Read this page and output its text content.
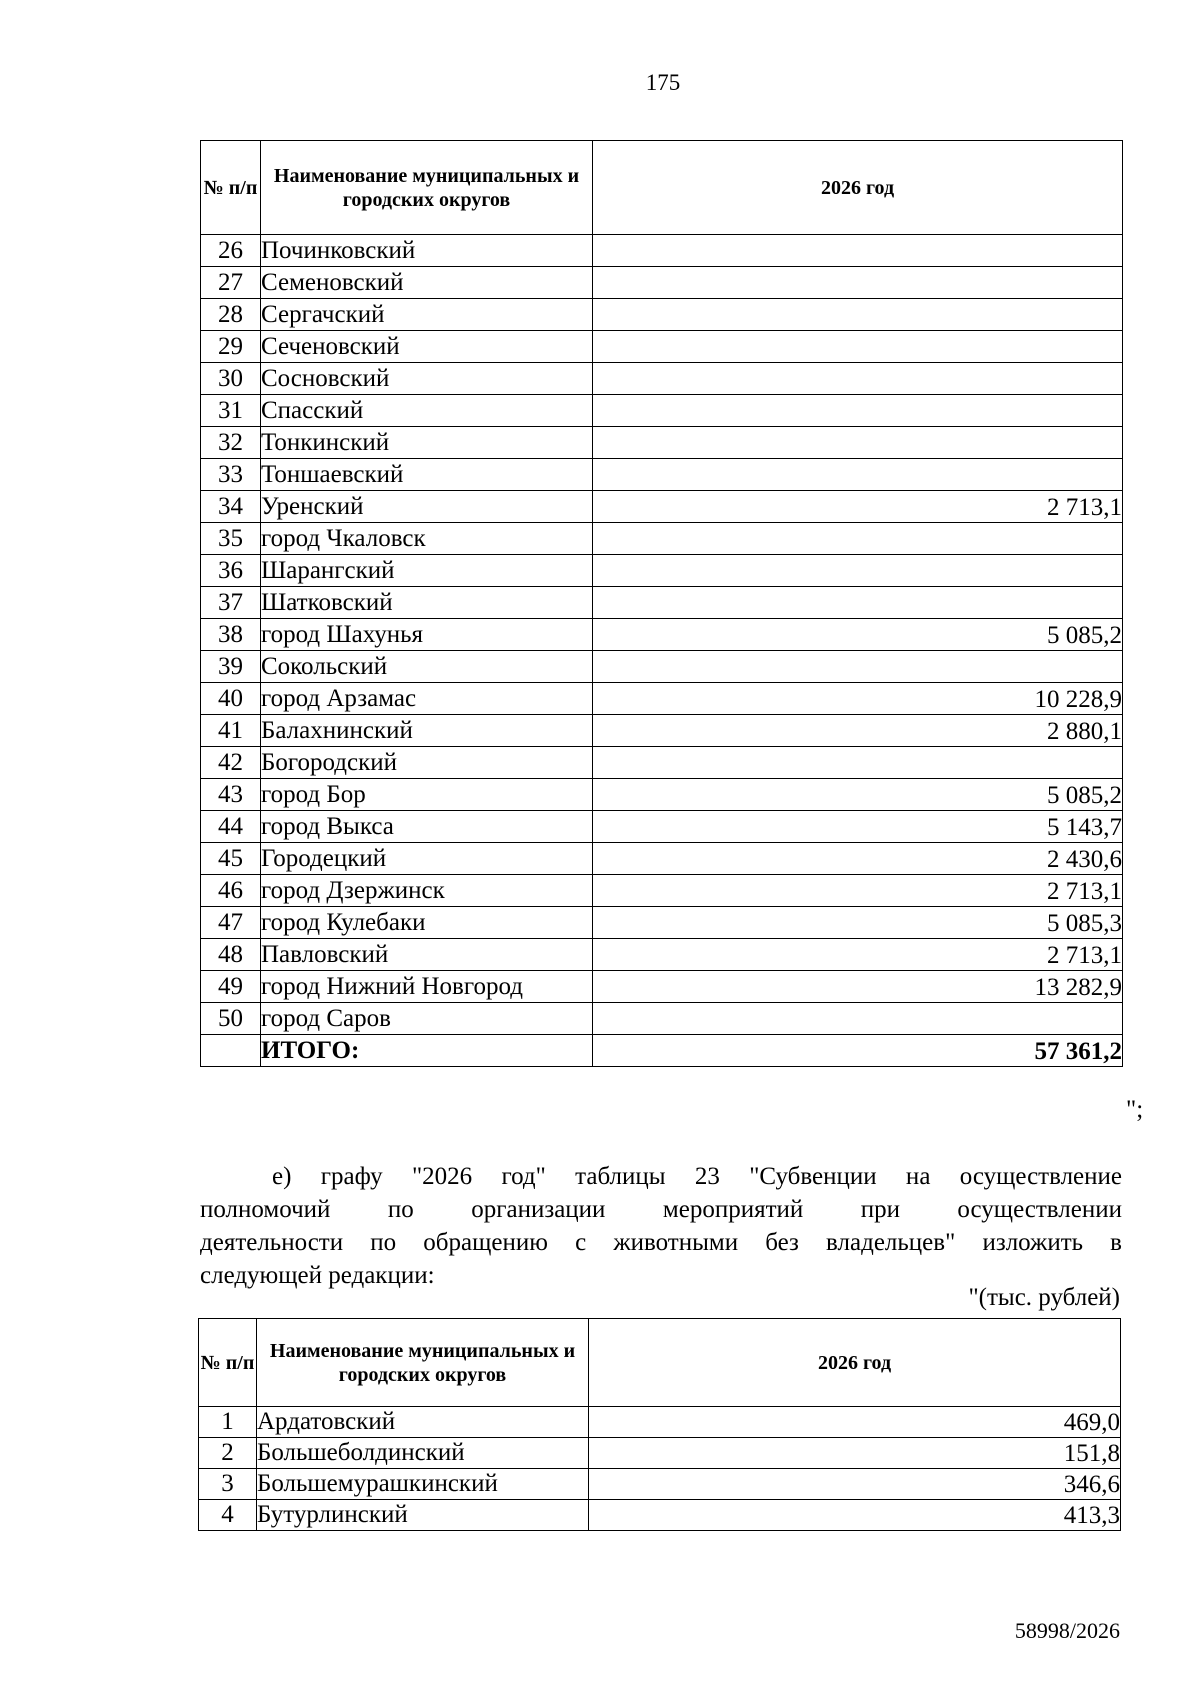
175
№ п/п	Наименование муниципальных и городских округов	2026 год
26	Починковский	
27	Семеновский	
28	Сергачский	
29	Сеченовский	
30	Сосновский	
31	Спасский	
32	Тонкинский	
33	Тоншаевский	
34	Уренский	2 713,1
35	город Чкаловск	
36	Шарангский	
37	Шатковский	
38	город Шахунья	5 085,2
39	Сокольский	
40	город Арзамас	10 228,9
41	Балахнинский	2 880,1
42	Богородский	
43	город Бор	5 085,2
44	город Выкса	5 143,7
45	Городецкий	2 430,6
46	город Дзержинск	2 713,1
47	город Кулебаки	5 085,3
48	Павловский	2 713,1
49	город Нижний Новгород	13 282,9
50	город Саров	
	ИТОГО:	57 361,2
";
е) графу "2026 год" таблицы 23 "Субвенции на осуществление
полномочий по организации мероприятий при осуществлении
деятельности по обращению с животными без владельцев" изложить в
следующей редакции:
"(тыс. рублей)
№ п/п	Наименование муниципальных и городских округов	2026 год
1	Ардатовский	469,0
2	Большеболдинский	151,8
3	Большемурашкинский	346,6
4	Бутурлинский	413,3
58998/2026
